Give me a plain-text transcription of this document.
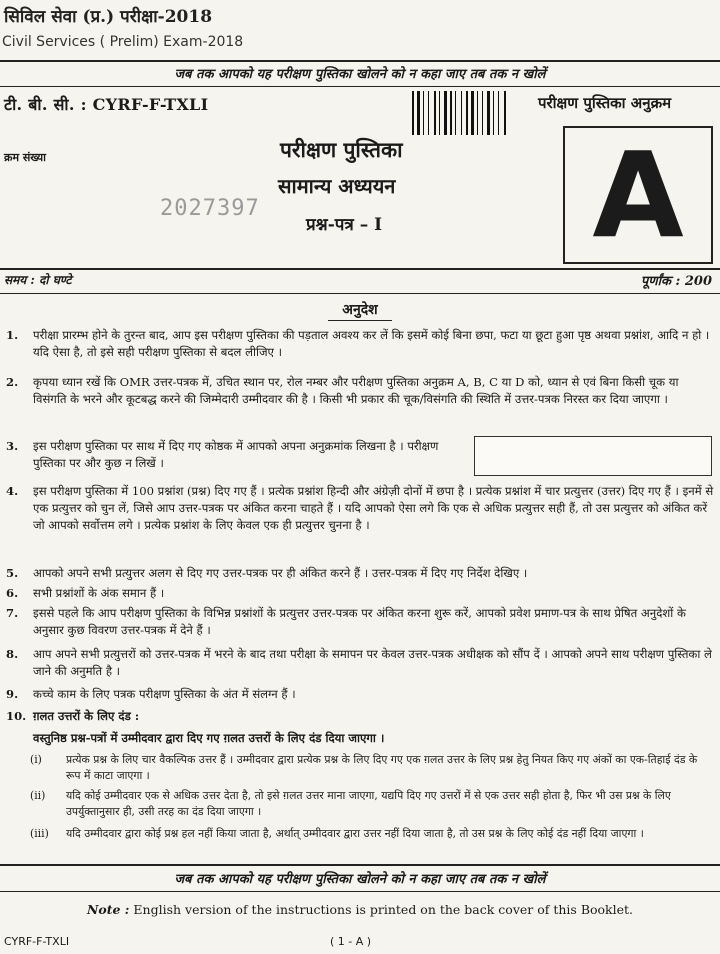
सिविल सेवा (प्र.) परीक्षा-2018
Civil Services ( Prelim) Exam-2018
जब तक आपको यह परीक्षण पुस्तिका खोलने को न कहा जाए तब तक न खोलें
टी. बी. सी. : CYRF-F-TXLI	परीक्षण पुस्तिका अनुक्रम
A
क्रम संख्या
2027397
परीक्षण पुस्तिका
सामान्य अध्ययन
प्रश्न-पत्र – I
समय : दो घण्टे	पूर्णांक : 200
अनुदेश
1. परीक्षा प्रारम्भ होने के तुरन्त बाद, आप इस परीक्षण पुस्तिका की पड़ताल अवश्य कर लें कि इसमें कोई बिना छपा, फटा या छूटा हुआ पृष्ठ अथवा प्रश्नांश, आदि न हो । यदि ऐसा है, तो इसे सही परीक्षण पुस्तिका से बदल लीजिए ।
2. कृपया ध्यान रखें कि OMR उत्तर-पत्रक में, उचित स्थान पर, रोल नम्बर और परीक्षण पुस्तिका अनुक्रम A, B, C या D को, ध्यान से एवं बिना किसी चूक या विसंगति के भरने और कूटबद्ध करने की जिम्मेदारी उम्मीदवार की है । किसी भी प्रकार की चूक/विसंगति की स्थिति में उत्तर-पत्रक निरस्त कर दिया जाएगा ।
3. इस परीक्षण पुस्तिका पर साथ में दिए गए कोष्ठक में आपको अपना अनुक्रमांक लिखना है । परीक्षण पुस्तिका पर और कुछ न लिखें ।
4. इस परीक्षण पुस्तिका में 100 प्रश्नांश (प्रश्न) दिए गए हैं । प्रत्येक प्रश्नांश हिन्दी और अंग्रेज़ी दोनों में छपा है । प्रत्येक प्रश्नांश में चार प्रत्युत्तर (उत्तर) दिए गए हैं । इनमें से एक प्रत्युत्तर को चुन लें, जिसे आप उत्तर-पत्रक पर अंकित करना चाहते हैं । यदि आपको ऐसा लगे कि एक से अधिक प्रत्युत्तर सही हैं, तो उस प्रत्युत्तर को अंकित करें जो आपको सर्वोत्तम लगे । प्रत्येक प्रश्नांश के लिए केवल एक ही प्रत्युत्तर चुनना है ।
5. आपको अपने सभी प्रत्युत्तर अलग से दिए गए उत्तर-पत्रक पर ही अंकित करने हैं । उत्तर-पत्रक में दिए गए निर्देश देखिए ।
6. सभी प्रश्नांशों के अंक समान हैं ।
7. इससे पहले कि आप परीक्षण पुस्तिका के विभिन्न प्रश्नांशों के प्रत्युत्तर उत्तर-पत्रक पर अंकित करना शुरू करें, आपको प्रवेश प्रमाण-पत्र के साथ प्रेषित अनुदेशों के अनुसार कुछ विवरण उत्तर-पत्रक में देने हैं ।
8. आप अपने सभी प्रत्युत्तरों को उत्तर-पत्रक में भरने के बाद तथा परीक्षा के समापन पर केवल उत्तर-पत्रक अधीक्षक को सौंप दें । आपको अपने साथ परीक्षण पुस्तिका ले जाने की अनुमति है ।
9. कच्चे काम के लिए पत्रक परीक्षण पुस्तिका के अंत में संलग्न हैं ।
10. ग़लत उत्तरों के लिए दंड :
वस्तुनिष्ठ प्रश्न-पत्रों में उम्मीदवार द्वारा दिए गए ग़लत उत्तरों के लिए दंड दिया जाएगा ।
(i) प्रत्येक प्रश्न के लिए चार वैकल्पिक उत्तर हैं । उम्मीदवार द्वारा प्रत्येक प्रश्न के लिए दिए गए एक ग़लत उत्तर के लिए प्रश्न हेतु नियत किए गए अंकों का एक-तिहाई दंड के रूप में काटा जाएगा ।
(ii) यदि कोई उम्मीदवार एक से अधिक उत्तर देता है, तो इसे ग़लत उत्तर माना जाएगा, यद्यपि दिए गए उत्तरों में से एक उत्तर सही होता है, फिर भी उस प्रश्न के लिए उपर्युक्तानुसार ही, उसी तरह का दंड दिया जाएगा ।
(iii) यदि उम्मीदवार द्वारा कोई प्रश्न हल नहीं किया जाता है, अर्थात् उम्मीदवार द्वारा उत्तर नहीं दिया जाता है, तो उस प्रश्न के लिए कोई दंड नहीं दिया जाएगा ।
जब तक आपको यह परीक्षण पुस्तिका खोलने को न कहा जाए तब तक न खोलें
Note : English version of the instructions is printed on the back cover of this Booklet.
CYRF-F-TXLI	( 1 - A )
